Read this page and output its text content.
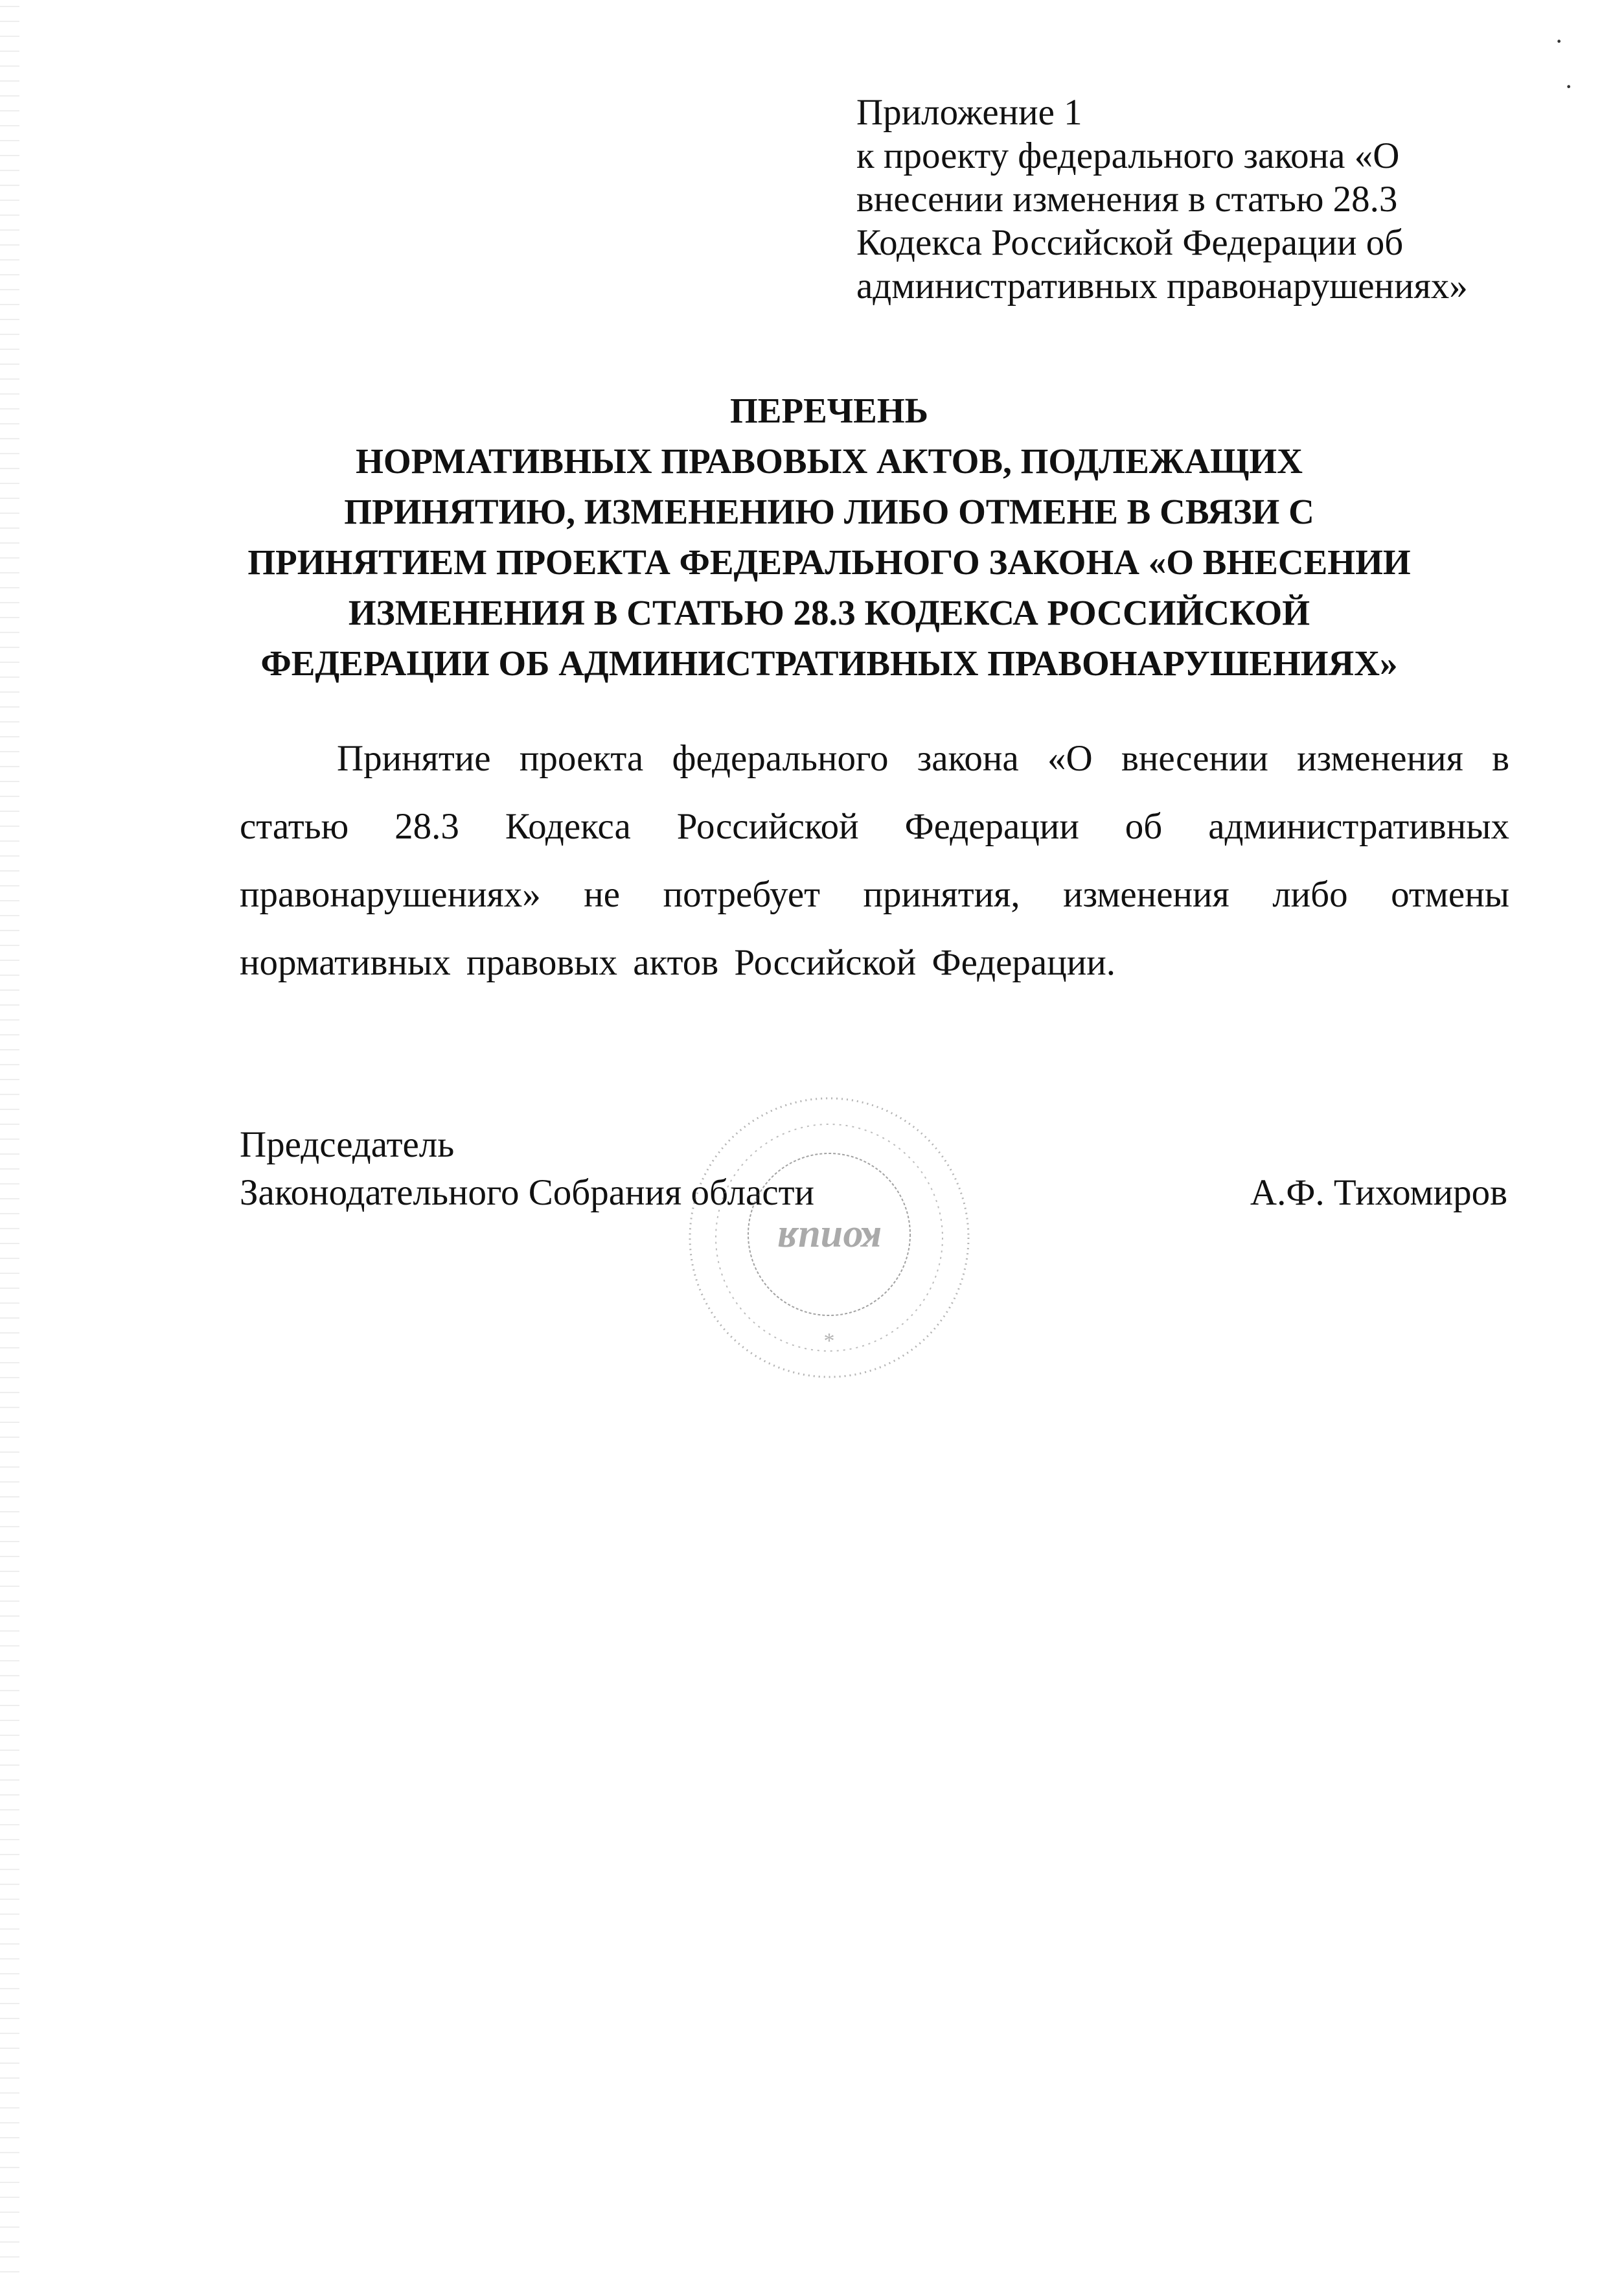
·
·
Приложение 1
к проекту федерального закона «О
внесении изменения в статью 28.3
Кодекса Российской Федерации об
административных правонарушениях»
ПЕРЕЧЕНЬ
НОРМАТИВНЫХ ПРАВОВЫХ АКТОВ, ПОДЛЕЖАЩИХ
ПРИНЯТИЮ, ИЗМЕНЕНИЮ ЛИБО ОТМЕНЕ В СВЯЗИ С
ПРИНЯТИЕМ ПРОЕКТА ФЕДЕРАЛЬНОГО ЗАКОНА «О ВНЕСЕНИИ
ИЗМЕНЕНИЯ В СТАТЬЮ 28.3 КОДЕКСА РОССИЙСКОЙ
ФЕДЕРАЦИИ ОБ АДМИНИСТРАТИВНЫХ ПРАВОНАРУШЕНИЯХ»
Принятие проекта федерального закона «О внесении изменения в статью 28.3 Кодекса Российской Федерации об административных правонарушениях» не потребует принятия, изменения либо отмены нормативных правовых актов Российской Федерации.
Председатель
Законодательного Собрания области	А.Ф. Тихомиров
копия
*
